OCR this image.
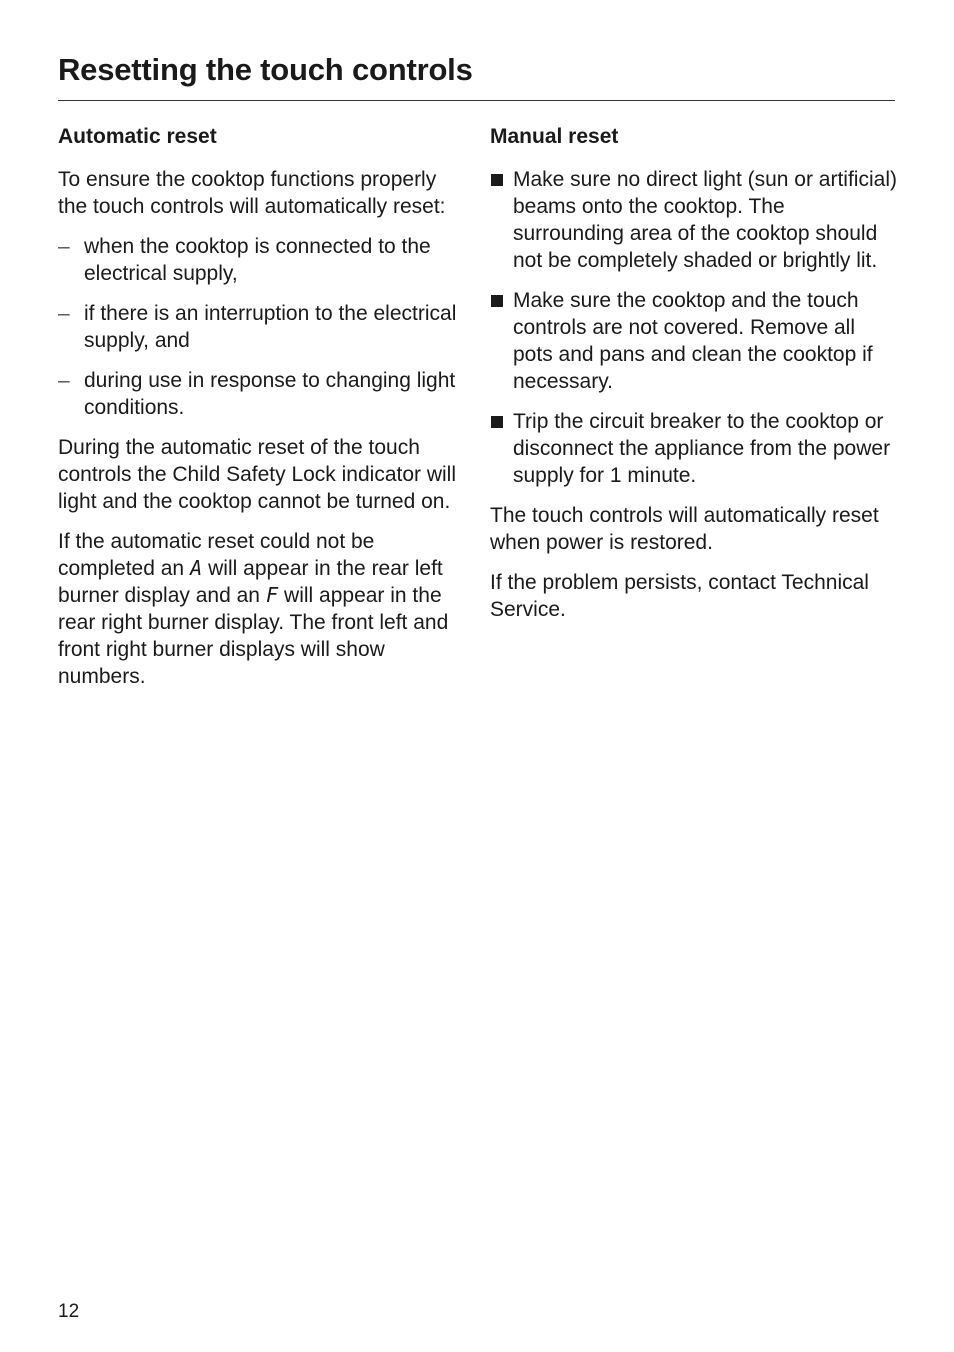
Resetting the touch controls
Automatic reset

To ensure the cooktop functions properly the touch controls will automatically reset:

– when the cooktop is connected to the electrical supply,
– if there is an interruption to the electrical supply, and
– during use in response to changing light conditions.

During the automatic reset of the touch controls the Child Safety Lock indicator will light and the cooktop cannot be turned on.

If the automatic reset could not be completed an A will appear in the rear left burner display and an F will appear in the rear right burner display. The front left and front right burner displays will show numbers.

Manual reset
Make sure no direct light (sun or artificial) beams onto the cooktop. The surrounding area of the cooktop should not be completely shaded or brightly lit.
Make sure the cooktop and the touch controls are not covered. Remove all pots and pans and clean the cooktop if necessary.
Trip the circuit breaker to the cooktop or disconnect the appliance from the power supply for 1 minute.

The touch controls will automatically reset when power is restored.

If the problem persists, contact Technical Service.

12
